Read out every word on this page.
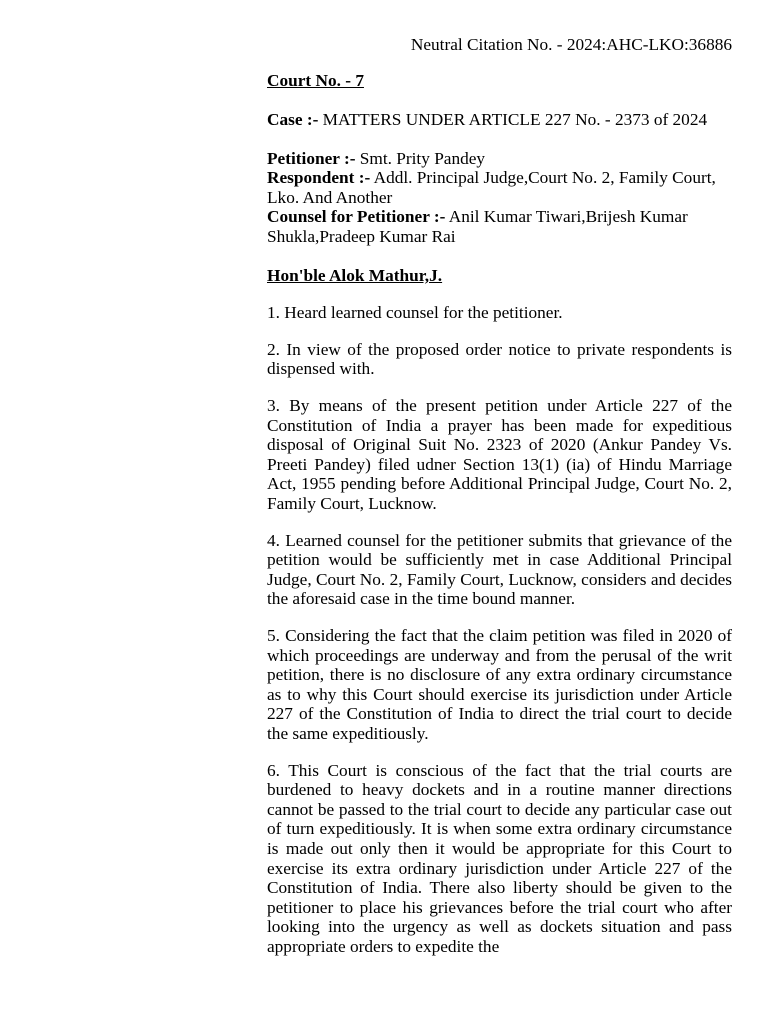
Neutral Citation No. - 2024:AHC-LKO:36886

Court No. - 7

Case :- MATTERS UNDER ARTICLE 227 No. - 2373 of 2024

Petitioner :- Smt. Prity Pandey
Respondent :- Addl. Principal Judge,Court No. 2, Family Court, Lko. And Another
Counsel for Petitioner :- Anil Kumar Tiwari,Brijesh Kumar Shukla,Pradeep Kumar Rai

Hon'ble Alok Mathur,J.

1. Heard learned counsel for the petitioner.

2. In view of the proposed order notice to private respondents is dispensed with.

3. By means of the present petition under Article 227 of the Constitution of India a prayer has been made for expeditious disposal of Original Suit No. 2323 of 2020 (Ankur Pandey Vs. Preeti Pandey) filed udner Section 13(1) (ia) of Hindu Marriage Act, 1955 pending before Additional Principal Judge, Court No. 2, Family Court, Lucknow.

4. Learned counsel for the petitioner submits that grievance of the petition would be sufficiently met in case Additional Principal Judge, Court No. 2, Family Court, Lucknow, considers and decides the aforesaid case in the time bound manner.

5. Considering the fact that the claim petition was filed in 2020 of which proceedings are underway and from the perusal of the writ petition, there is no disclosure of any extra ordinary circumstance as to why this Court should exercise its jurisdiction under Article 227 of the Constitution of India to direct the trial court to decide the same expeditiously.

6. This Court is conscious of the fact that the trial courts are burdened to heavy dockets and in a routine manner directions cannot be passed to the trial court to decide any particular case out of turn expeditiously. It is when some extra ordinary circumstance is made out only then it would be appropriate for this Court to exercise its extra ordinary jurisdiction under Article 227 of the Constitution of India. There also liberty should be given to the petitioner to place his grievances before the trial court who after looking into the urgency as well as dockets situation and pass appropriate orders to expedite the
